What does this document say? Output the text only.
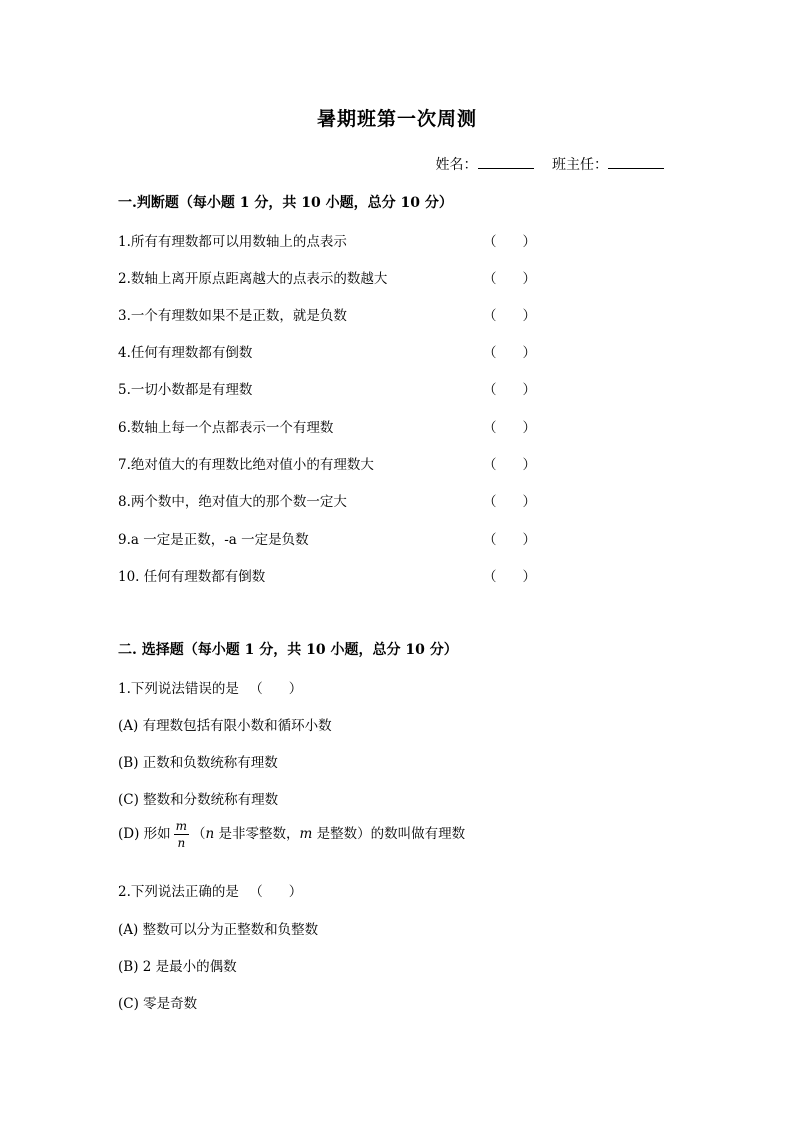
暑期班第一次周测
姓名：	班主任：
一.判断题（每小题 1 分，共 10 小题，总分 10 分）
1.所有有理数都可以用数轴上的点表示	（ ）
2.数轴上离开原点距离越大的点表示的数越大	（ ）
3.一个有理数如果不是正数，就是负数	（ ）
4.任何有理数都有倒数	（ ）
5.一切小数都是有理数	（ ）
6.数轴上每一个点都表示一个有理数	（ ）
7.绝对值大的有理数比绝对值小的有理数大	（ ）
8.两个数中，绝对值大的那个数一定大	（ ）
9.a 一定是正数，-a 一定是负数	（ ）
10. 任何有理数都有倒数	（ ）
二. 选择题（每小题 1 分，共 10 小题，总分 10 分）
1.下列说法错误的是 （ ）
(A) 有理数包括有限小数和循环小数
(B) 正数和负数统称有理数
(C) 整数和分数统称有理数
(D) 形如 $\frac{m}{n} (n$ 是非零整数，m 是整数）的数叫做有理数
2.下列说法正确的是 （ ）
(A) 整数可以分为正整数和负整数
(B) 2 是最小的偶数
(C) 零是奇数
